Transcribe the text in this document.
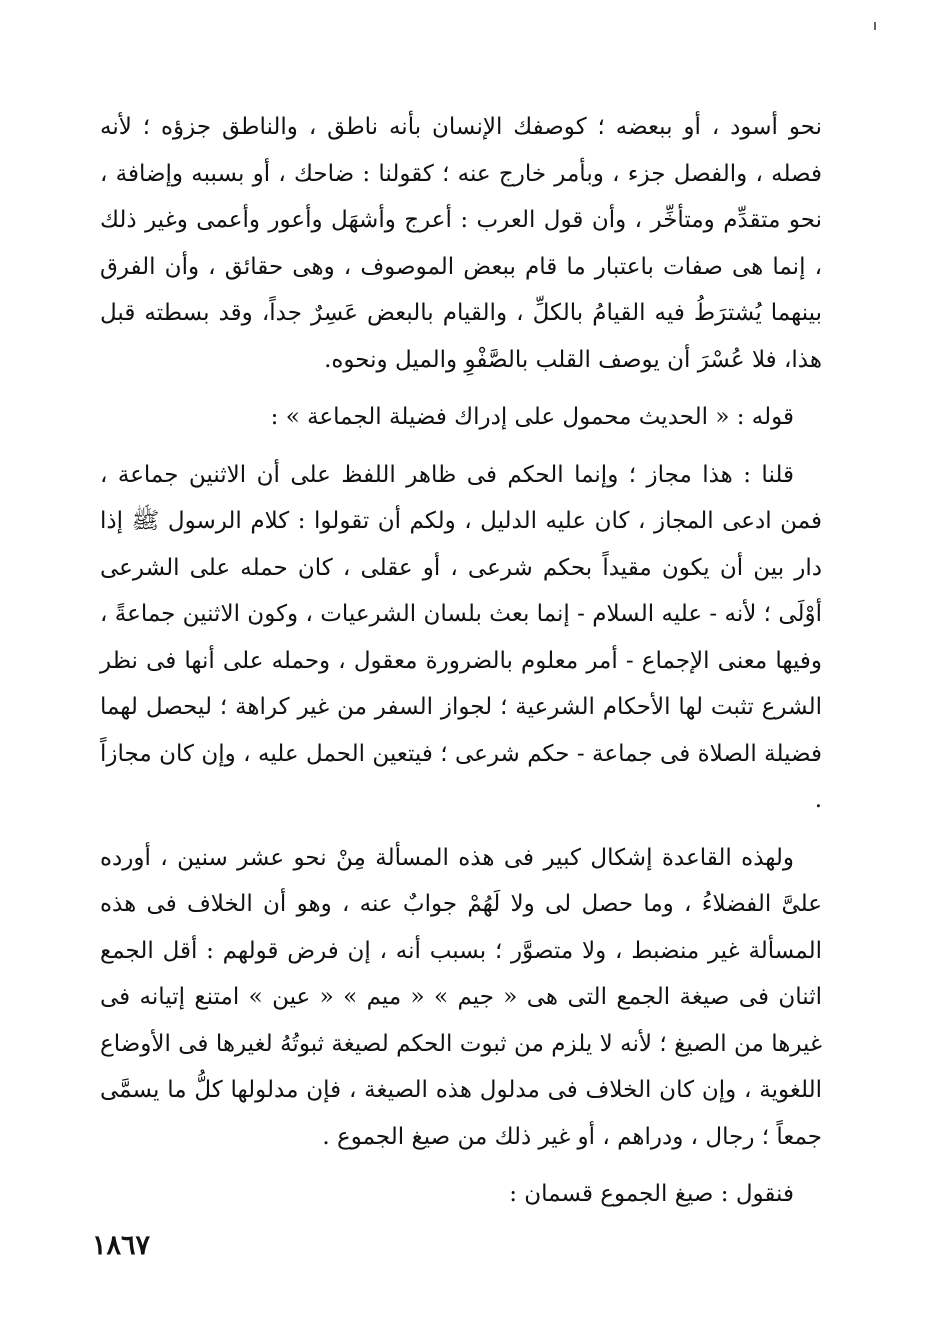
نحو أسود ، أو ببعضه ؛ كوصفك الإنسان بأنه ناطق ، والناطق جزؤه ؛ لأنه فصله ، والفصل جزء ، وبأمر خارج عنه ؛ كقولنا : ضاحك ، أو بسببه وإضافة ، نحو متقدِّم ومتأخِّر ، وأن قول العرب : أعرج وأشهَل وأعور وأعمى وغير ذلك ، إنما هى صفات باعتبار ما قام ببعض الموصوف ، وهى حقائق ، وأن الفرق بينهما يُشترَطُ فيه القيامُ بالكلِّ ، والقيام بالبعض عَسِرٌ جداً، وقد بسطته قبل هذا، فلا عُسْرَ أن يوصف القلب بالصَّفْوِ والميل ونحوه.

قوله : « الحديث محمول على إدراك فضيلة الجماعة » :

قلنا : هذا مجاز ؛ وإنما الحكم فى ظاهر اللفظ على أن الاثنين جماعة ، فمن ادعى المجاز ، كان عليه الدليل ، ولكم أن تقولوا : كلام الرسول ﷺ إذا دار بين أن يكون مقيداً بحكم شرعى ، أو عقلى ، كان حمله على الشرعى أوْلَى ؛ لأنه - عليه السلام - إنما بعث بلسان الشرعيات ، وكون الاثنين جماعةً ، وفيها معنى الإجماع - أمر معلوم بالضرورة معقول ، وحمله على أنها فى نظر الشرع تثبت لها الأحكام الشرعية ؛ لجواز السفر من غير كراهة ؛ ليحصل لهما فضيلة الصلاة فى جماعة - حكم شرعى ؛ فيتعين الحمل عليه ، وإن كان مجازاً .

ولهذه القاعدة إشكال كبير فى هذه المسألة مِنْ نحو عشر سنين ، أورده علىَّ الفضلاءُ ، وما حصل لى ولا لَهُمْ جوابٌ عنه ، وهو أن الخلاف فى هذه المسألة غير منضبط ، ولا متصوَّر ؛ بسبب أنه ، إن فرض قولهم : أقل الجمع اثنان فى صيغة الجمع التى هى « جيم » « ميم » « عين » امتنع إتيانه فى غيرها من الصيغ ؛ لأنه لا يلزم من ثبوت الحكم لصيغة ثبوتُهُ لغيرها فى الأوضاع اللغوية ، وإن كان الخلاف فى مدلول هذه الصيغة ، فإن مدلولها كلُّ ما يسمَّى جمعاً ؛ رجال ، ودراهم ، أو غير ذلك من صيغ الجموع .

فنقول : صيغ الجموع قسمان :

١٨٦٧
